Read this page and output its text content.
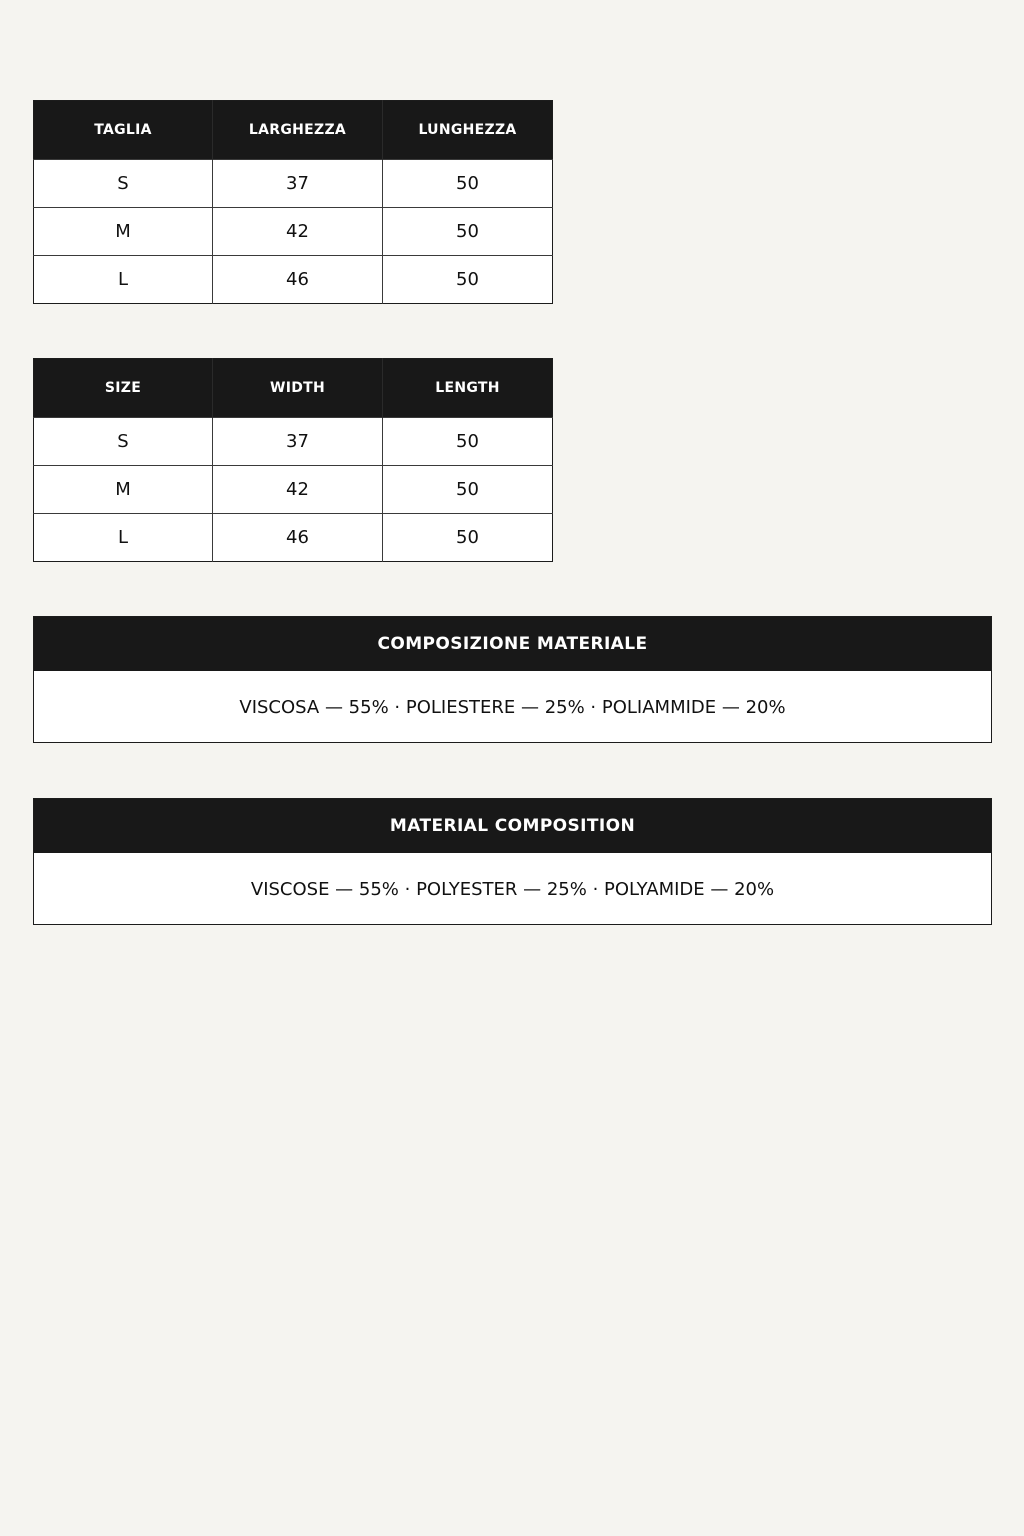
TAGLIA	LARGHEZZA	LUNGHEZZA
S	37	50
M	42	50
L	46	50
SIZE	WIDTH	LENGTH
S	37	50
M	42	50
L	46	50
COMPOSIZIONE MATERIALE
VISCOSA — 55% · POLIESTERE — 25% · POLIAMMIDE — 20%
MATERIAL COMPOSITION
VISCOSE — 55% · POLYESTER — 25% · POLYAMIDE — 20%
